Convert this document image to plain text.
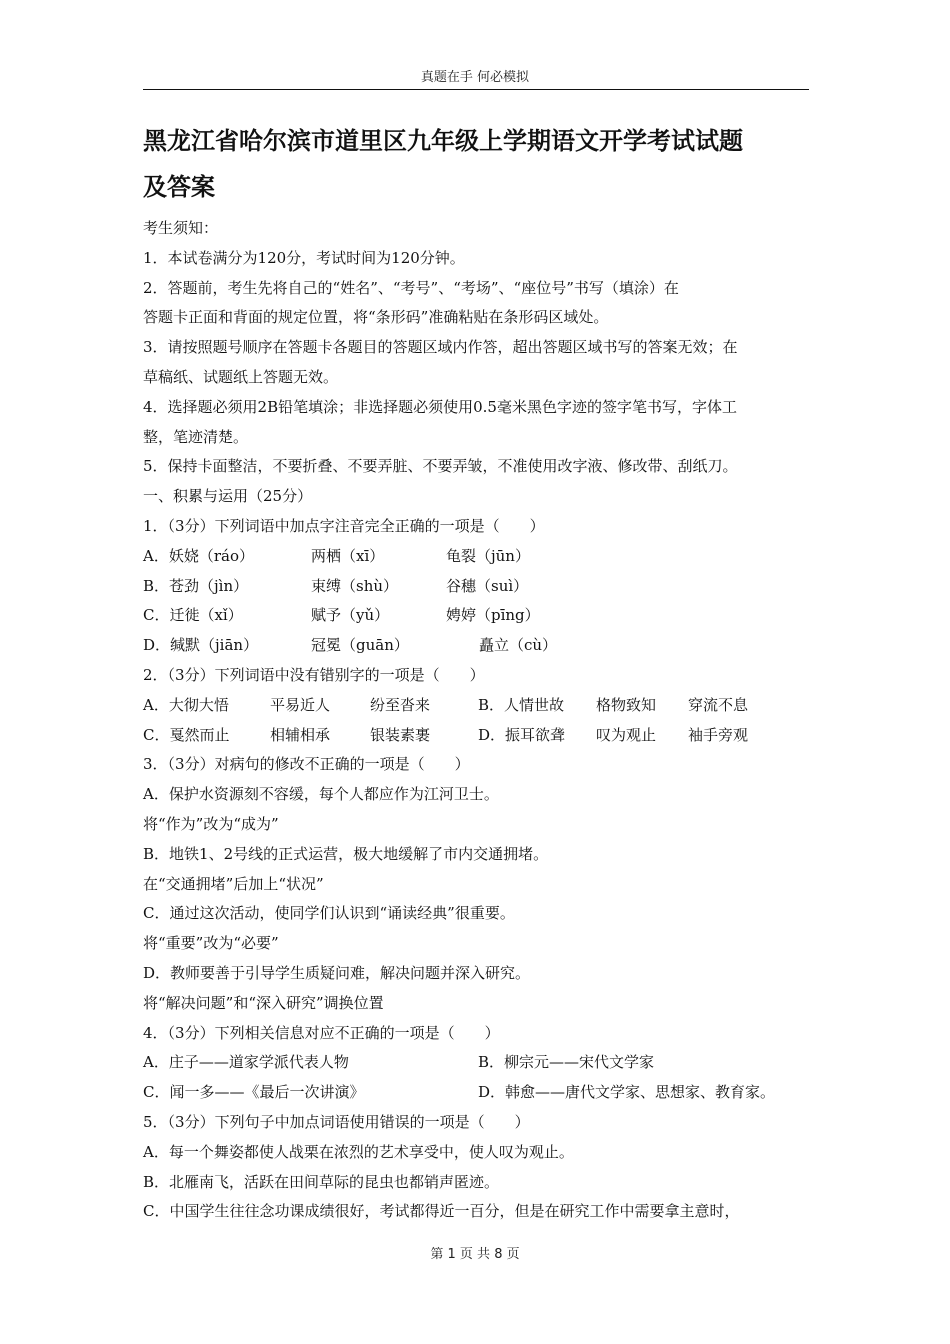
真题在手 何必模拟
黑龙江省哈尔滨市道里区九年级上学期语文开学考试试题
及答案
考生须知：
1．本试卷满分为120分，考试时间为120分钟。
2．答题前，考生先将自己的“姓名”、“考号”、“考场”、“座位号”书写（填涂）在
答题卡正面和背面的规定位置，将“条形码”准确粘贴在条形码区域处。
3．请按照题号顺序在答题卡各题目的答题区域内作答，超出答题区域书写的答案无效；在
草稿纸、试题纸上答题无效。
4．选择题必须用2B铅笔填涂；非选择题必须使用0.5毫米黑色字迹的签字笔书写，字体工
整，笔迹清楚。
5．保持卡面整洁，不要折叠、不要弄脏、不要弄皱，不准使用改字液、修改带、刮纸刀。
一、积累与运用（25分）
1．（3分）下列词语中加点字注音完全正确的一项是（　　）
A．妖娆（ráo）	两栖（xī）	龟裂（jūn）
B．苍劲（jìn）	束缚（shù）	谷穗（suì）
C．迁徙（xǐ）	赋予（yǔ）	娉婷（pīng）
D．缄默（jiān）	冠冕（guān）	矗立（cù）
2．（3分）下列词语中没有错别字的一项是（　　）
A．大彻大悟	平易近人	纷至沓来	B．人情世故 格物致知 穿流不息
C．戛然而止	相辅相承	银装素裹	D．振耳欲聋 叹为观止 袖手旁观
3．（3分）对病句的修改不正确的一项是（　　）
A．保护水资源刻不容缓，每个人都应作为江河卫士。
将“作为”改为“成为”
B．地铁1、2号线的正式运营，极大地缓解了市内交通拥堵。
在“交通拥堵”后加上“状况”
C．通过这次活动，使同学们认识到“诵读经典”很重要。
将“重要”改为“必要”
D．教师要善于引导学生质疑问难，解决问题并深入研究。
将“解决问题”和“深入研究”调换位置
4．（3分）下列相关信息对应不正确的一项是（　　）
A．庄子——道家学派代表人物	B．柳宗元——宋代文学家
C．闻一多——《最后一次讲演》	D．韩愈——唐代文学家、思想家、教育家。
5．（3分）下列句子中加点词语使用错误的一项是（　　）
A．每一个舞姿都使人战栗在浓烈的艺术享受中，使人叹为观止。
B．北雁南飞，活跃在田间草际的昆虫也都销声匿迹。
C．中国学生往往念功课成绩很好，考试都得近一百分，但是在研究工作中需要拿主意时，
第 1 页 共 8 页
